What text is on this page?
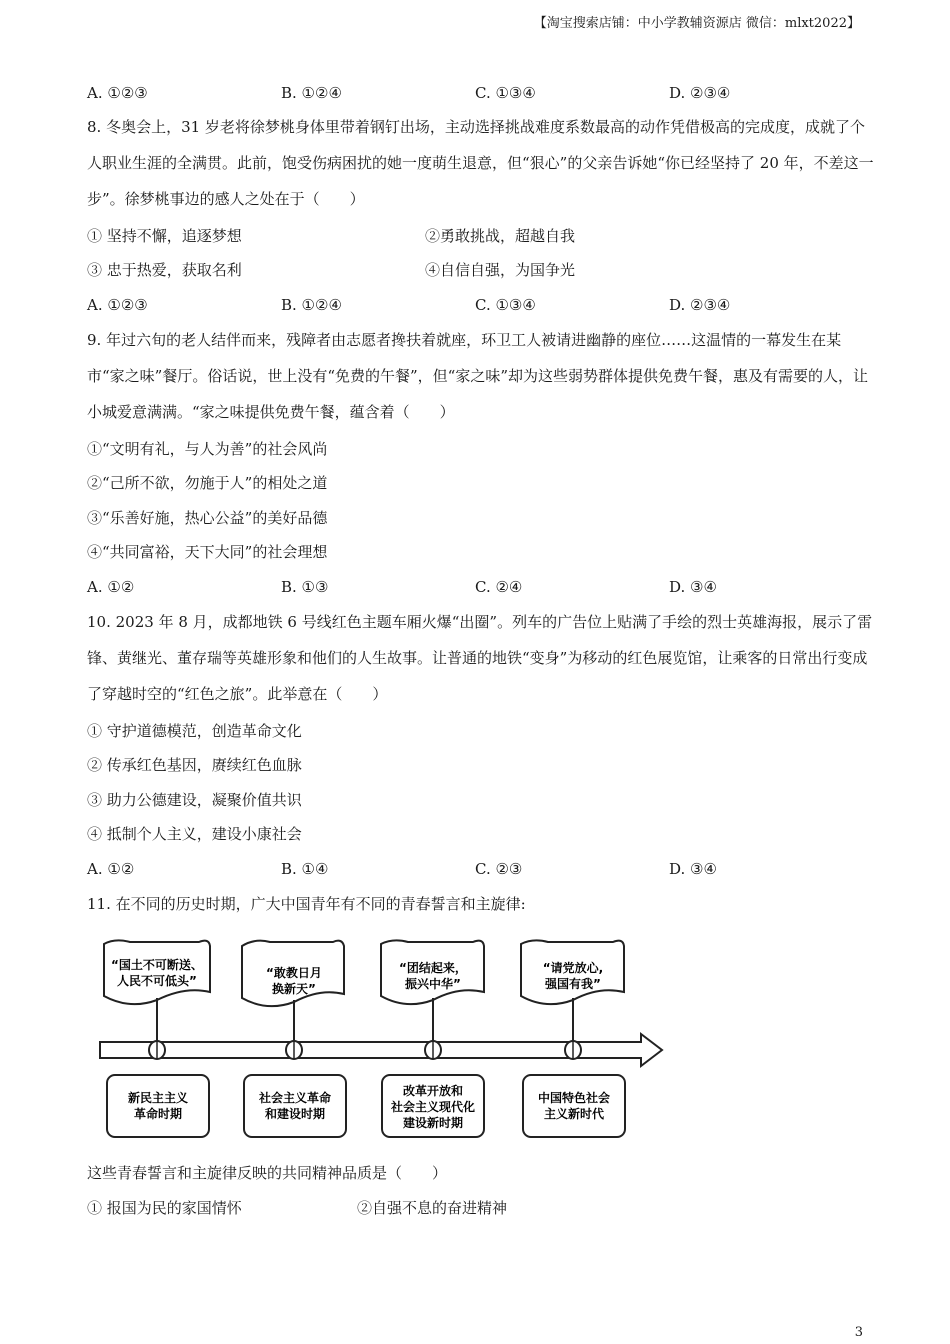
【淘宝搜索店铺：中小学教辅资源店 微信：mlxt2022】
A. ①②③	B. ①②④	C. ①③④	D. ②③④
8. 冬奥会上，31 岁老将徐梦桃身体里带着钢钉出场，主动选择挑战难度系数最高的动作凭借极高的完成度，成就了个人职业生涯的全满贯。此前，饱受伤病困扰的她一度萌生退意，但“狠心”的父亲告诉她“你已经坚持了 20 年，不差这一步”。徐梦桃事边的感人之处在于（　　）
① 坚持不懈，追逐梦想	②勇敢挑战，超越自我
③ 忠于热爱，获取名利	④自信自强，为国争光
A. ①②③	B. ①②④	C. ①③④	D. ②③④
9. 年过六旬的老人结伴而来，残障者由志愿者搀扶着就座，环卫工人被请进幽静的座位……这温情的一幕发生在某市“家之味”餐厅。俗话说，世上没有“免费的午餐”，但“家之味”却为这些弱势群体提供免费午餐，惠及有需要的人，让小城爱意满满。“家之味提供免费午餐，蕴含着（　　）
①“文明有礼，与人为善”的社会风尚
②“己所不欲，勿施于人”的相处之道
③“乐善好施，热心公益”的美好品德
④“共同富裕，天下大同”的社会理想
A. ①②	B. ①③	C. ②④	D. ③④
10. 2023 年 8 月，成都地铁 6 号线红色主题车厢火爆“出圈”。列车的广告位上贴满了手绘的烈士英雄海报，展示了雷锋、黄继光、董存瑞等英雄形象和他们的人生故事。让普通的地铁“变身”为移动的红色展览馆，让乘客的日常出行变成了穿越时空的“红色之旅”。此举意在（　　）
① 守护道德模范，创造革命文化
② 传承红色基因，赓续红色血脉
③ 助力公德建设，凝聚价值共识
④ 抵制个人主义，建设小康社会
A. ①②	B. ①④	C. ②③	D. ③④
11. 在不同的历史时期，广大中国青年有不同的青春誓言和主旋律:
“国土不可断送、
人民不可低头”
“敢教日月
换新天”
“团结起来，
振兴中华”
“请党放心,
强国有我”
新民主主义
革命时期
社会主义革命
和建设时期
改革开放和
社会主义现代化
建设新时期
中国特色社会
主义新时代
这些青春誓言和主旋律反映的共同精神品质是（　　）
① 报国为民的家国情怀	②自强不息的奋进精神
3
